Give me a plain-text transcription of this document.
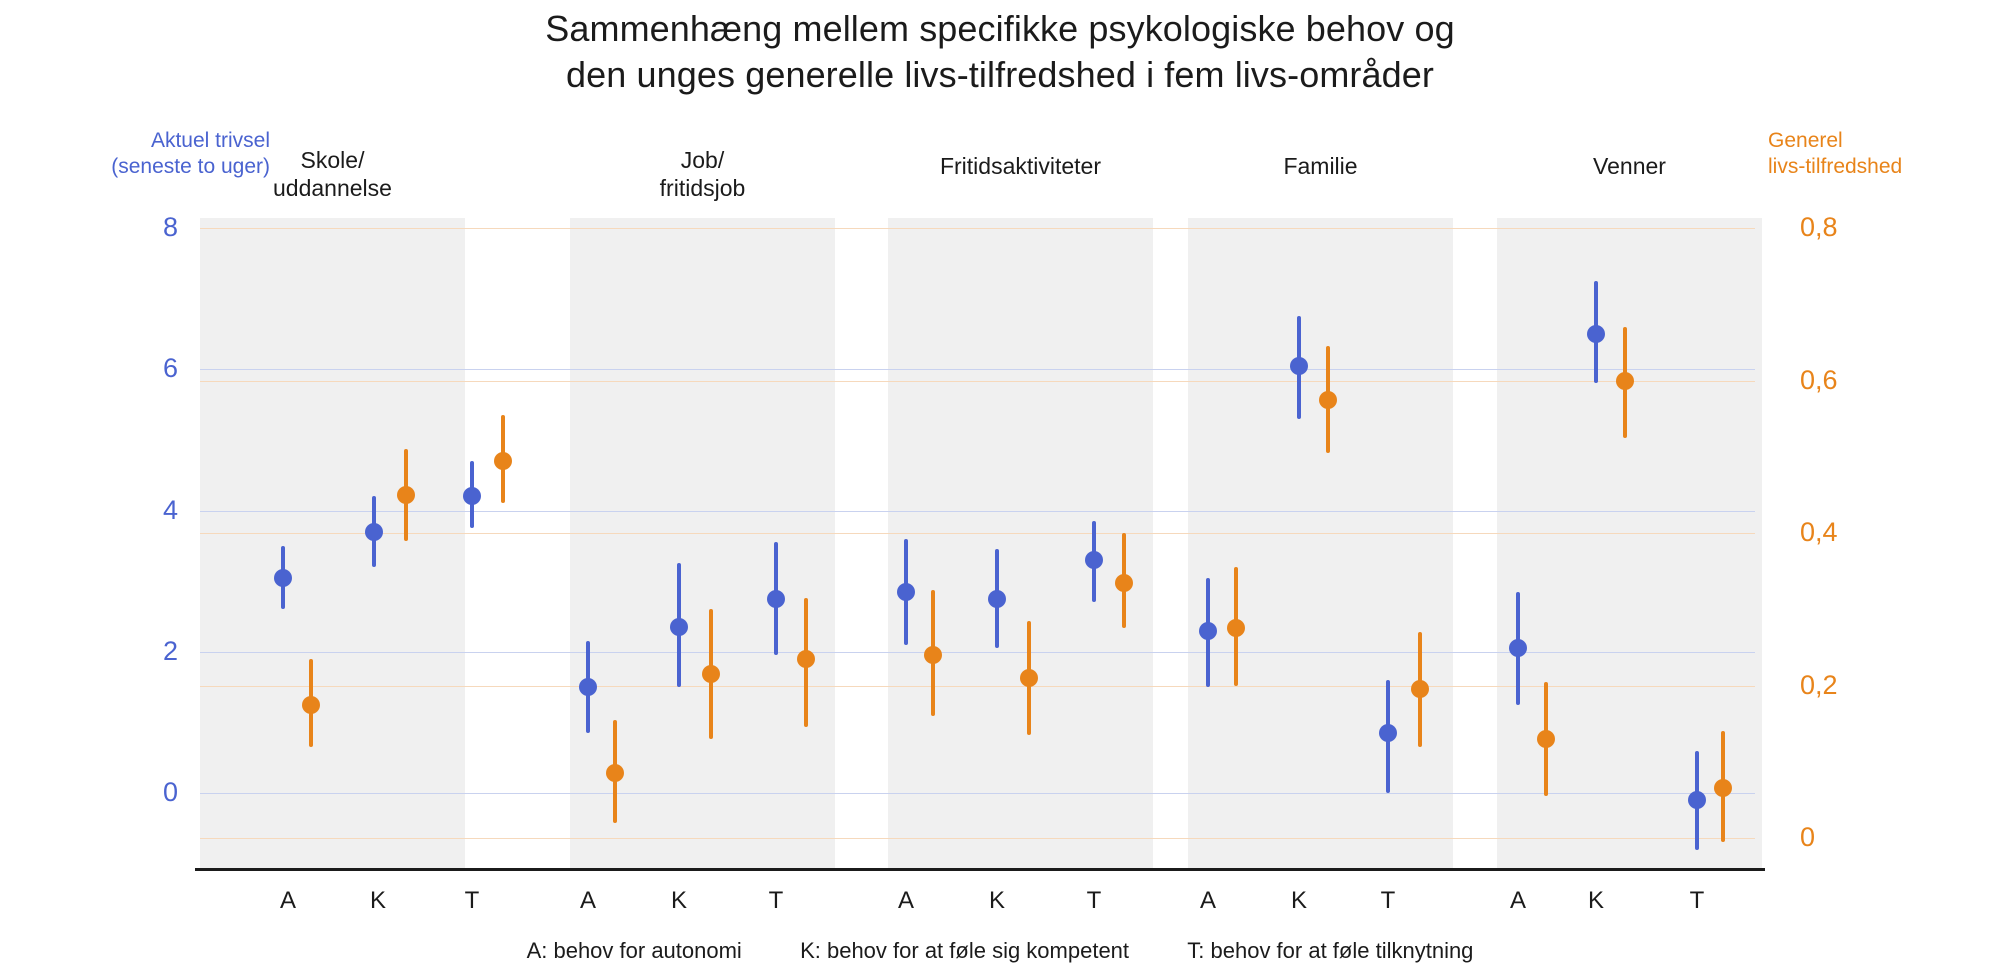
Sammenhæng mellem specifikke psykologiske behov og
den unges generelle livs-tilfredshed i fem livs-områder
8
6
4
2
0
0,8
0,6
0,4
0,2
0
Skole/
uddannelse
Job/
fritidsjob
Fritidsaktiviteter	Familie	Venner
A	K	T	A	K	T	A	K	T	A	K	T	A	K	T
Aktuel trivsel
(seneste to uger)
Generel
livs-tilfredshed
A: behov for autonomi	K: behov for at føle sig kompetent	T: behov for at føle tilknytning
